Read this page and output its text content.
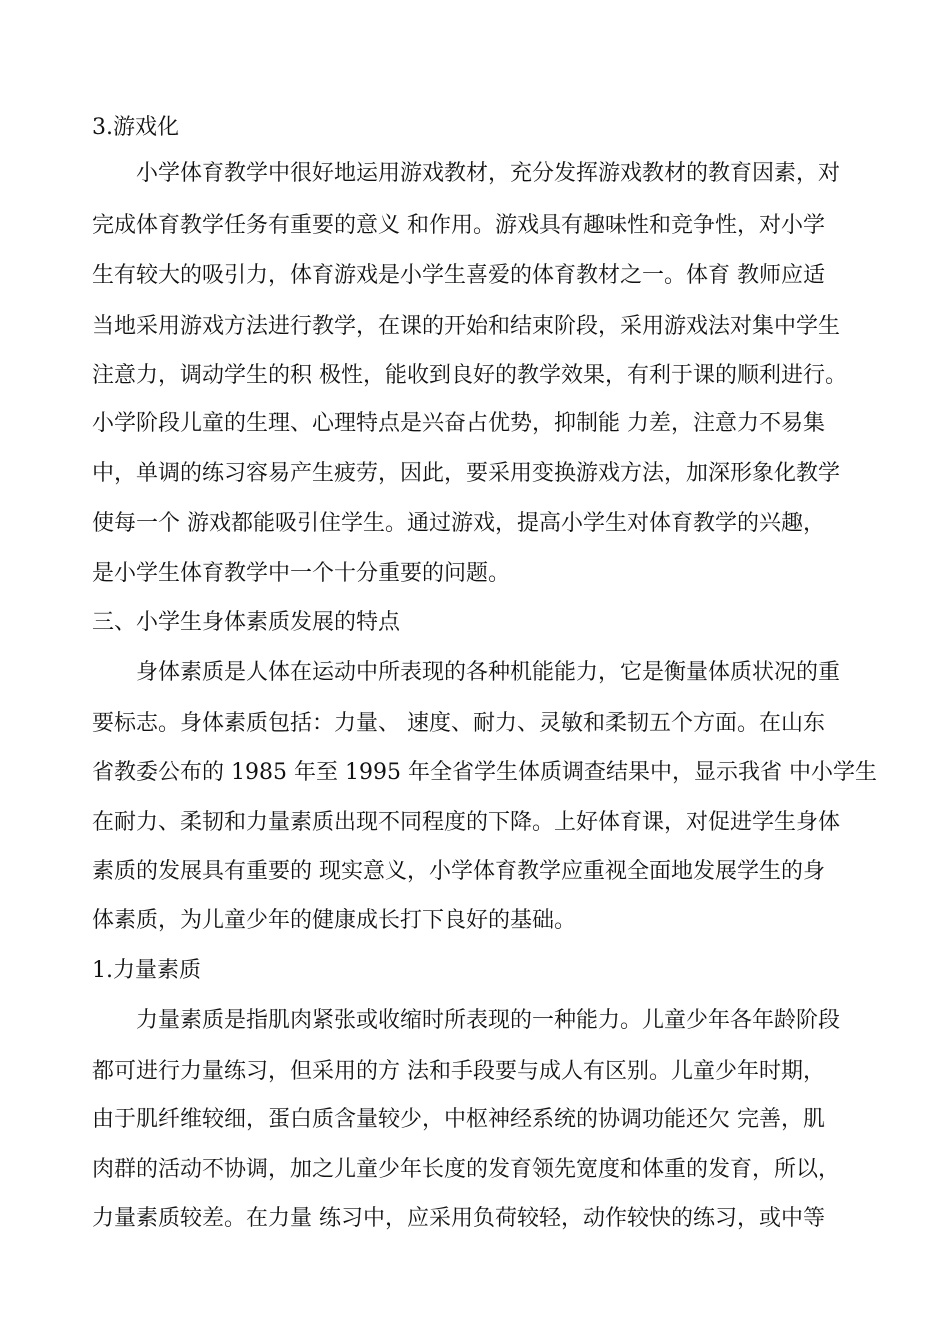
3.游戏化
小学体育教学中很好地运用游戏教材，充分发挥游戏教材的教育因素，对
完成体育教学任务有重要的意义 和作用。游戏具有趣味性和竞争性，对小学
生有较大的吸引力，体育游戏是小学生喜爱的体育教材之一。体育 教师应适
当地采用游戏方法进行教学，在课的开始和结束阶段，采用游戏法对集中学生
注意力，调动学生的积 极性，能收到良好的教学效果，有利于课的顺利进行。
小学阶段儿童的生理、心理特点是兴奋占优势，抑制能 力差，注意力不易集
中，单调的练习容易产生疲劳，因此，要采用变换游戏方法，加深形象化教学
使每一个 游戏都能吸引住学生。通过游戏，提高小学生对体育教学的兴趣，
是小学生体育教学中一个十分重要的问题。
三、小学生身体素质发展的特点
身体素质是人体在运动中所表现的各种机能能力，它是衡量体质状况的重
要标志。身体素质包括：力量、 速度、耐力、灵敏和柔韧五个方面。在山东
省教委公布的 1985 年至 1995 年全省学生体质调查结果中，显示我省 中小学生
在耐力、柔韧和力量素质出现不同程度的下降。上好体育课，对促进学生身体
素质的发展具有重要的 现实意义，小学体育教学应重视全面地发展学生的身
体素质，为儿童少年的健康成长打下良好的基础。
1.力量素质
力量素质是指肌肉紧张或收缩时所表现的一种能力。儿童少年各年龄阶段
都可进行力量练习，但采用的方 法和手段要与成人有区别。儿童少年时期，
由于肌纤维较细，蛋白质含量较少，中枢神经系统的协调功能还欠 完善，肌
肉群的活动不协调，加之儿童少年长度的发育领先宽度和体重的发育，所以，
力量素质较差。在力量 练习中，应采用负荷较轻，动作较快的练习，或中等
